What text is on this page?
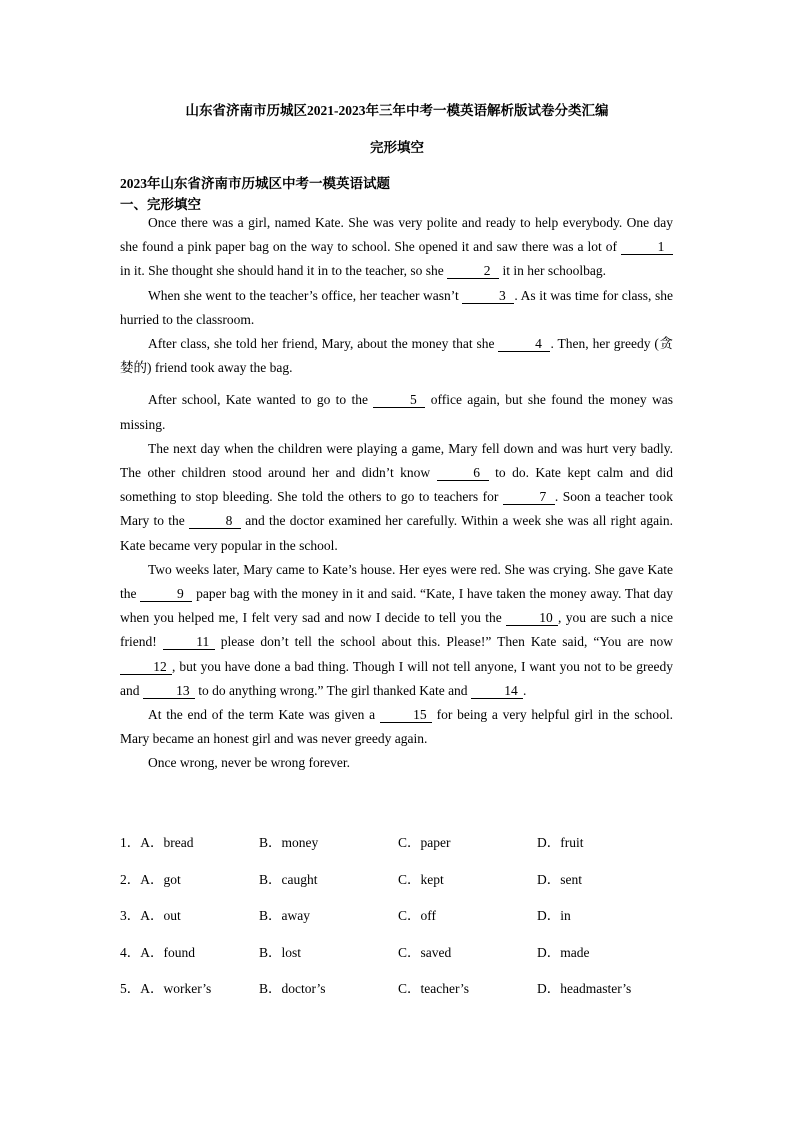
山东省济南市历城区2021-2023年三年中考一模英语解析版试卷分类汇编
完形填空
2023年山东省济南市历城区中考一模英语试题
一、完形填空

Once there was a girl, named Kate. She was very polite and ready to help everybody. One day she found a pink paper bag on the way to school. She opened it and saw there was a lot of	1 in it. She thought she should hand it in to the teacher, so she	2 it in her schoolbag.

When she went to the teacher’s office, her teacher wasn’t	3 . As it was time for class, she hurried to the classroom.

After class, she told her friend, Mary, about the money that she	4 . Then, her greedy (贪婪的) friend took away the bag.

After school, Kate wanted to go to the	5 office again, but she found the money was missing.

The next day when the children were playing a game, Mary fell down and was hurt very badly. The other children stood around her and didn’t know	6 to do. Kate kept calm and did something to stop bleeding. She told the others to go to teachers for	7 . Soon a teacher took Mary to the	8 and the doctor examined her carefully. Within a week she was all right again. Kate became very popular in the school.

Two weeks later, Mary came to Kate’s house. Her eyes were red. She was crying. She gave Kate the	9 paper bag with the money in it and said. “Kate, I have taken the money away. That day when you helped me, I felt very sad and now I decide to tell you the 10 , you are such a nice friend! 11 please don’t tell the school about this. Please!” Then Kate said, “You are now 12 , but you have done a bad thing. Though I will not tell anyone, I want you not to be greedy and 13 to do anything wrong.” The girl thanked Kate and 14 .

At the end of the term Kate was given a 15 for being a very helpful girl in the school. Mary became an honest girl and was never greedy again.

Once wrong, never be wrong forever.

1．A．bread	B．money	C．paper	D．fruit
2．A．got	B．caught	C．kept	D．sent
3．A．out	B．away	C．off	D．in
4．A．found	B．lost	C．saved	D．made
5．A．worker’s	B．doctor’s	C．teacher’s	D．headmaster’s
